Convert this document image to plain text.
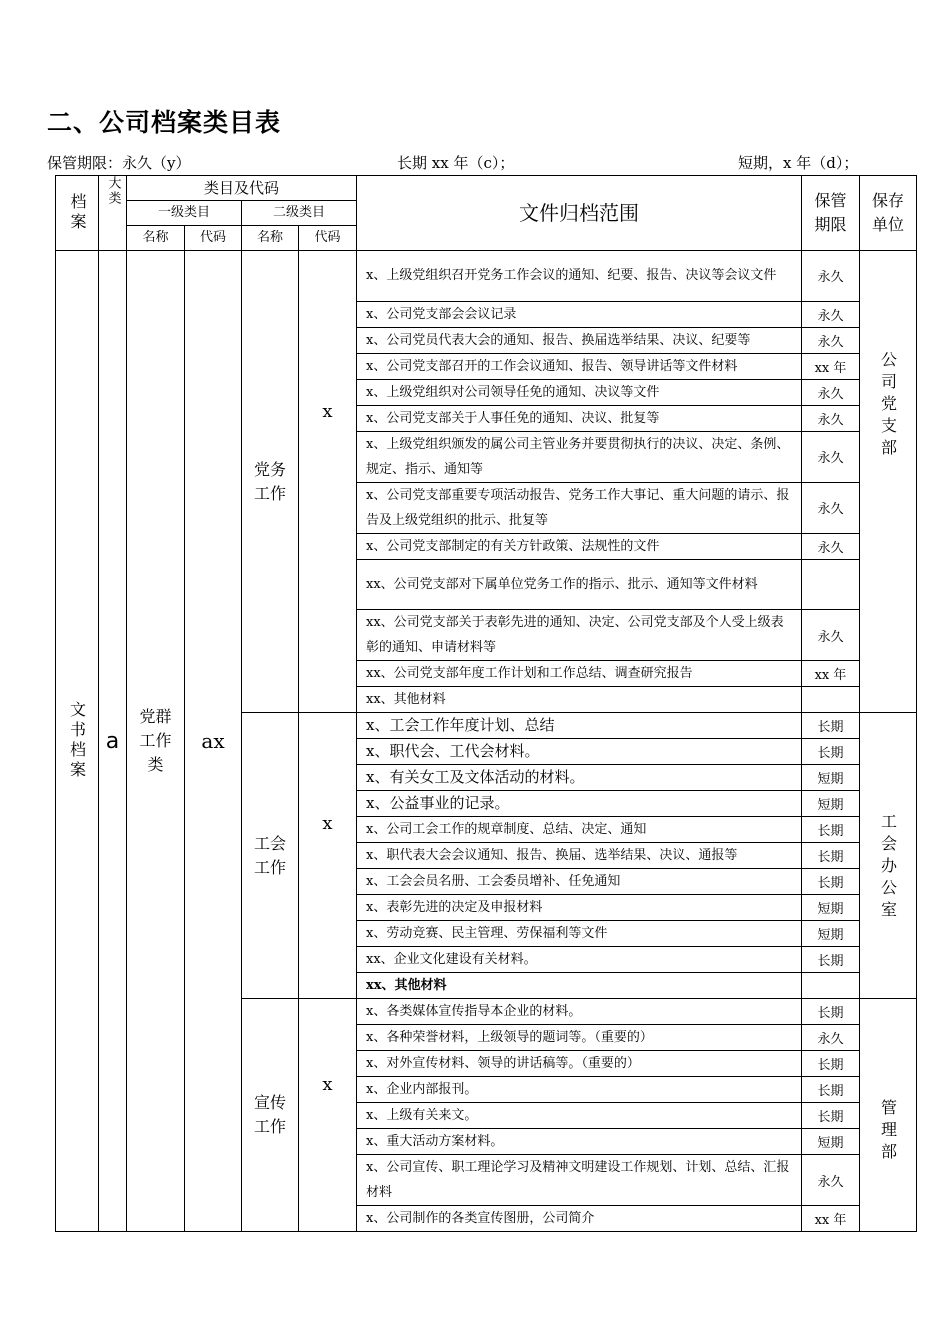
二、公司档案类目表
保管期限：永久（y）	长期 xx 年（c）；	短期，x 年（d）；
档案	大类	类目及代码				文件归档范围	保管期限	保存单位

		一级类目		二级类目				
		名称	代码	名称	代码			

文书档案	a	党群工作类	ax	党务工作	x	x、上级党组织召开党务工作会议的通知、纪要、报告、决议等会议文件	永久	公司党支部

						x、公司党支部会会议记录	永久	
						x、公司党员代表大会的通知、报告、换届选举结果、决议、纪要等	永久	
						x、公司党支部召开的工作会议通知、报告、领导讲话等文件材料	xx 年	
						x、上级党组织对公司领导任免的通知、决议等文件	永久	
						x、公司党支部关于人事任免的通知、决议、批复等	永久	
						x、上级党组织颁发的属公司主管业务并要贯彻执行的决议、决定、条例、规定、指示、通知等	永久	
						x、公司党支部重要专项活动报告、党务工作大事记、重大问题的请示、报告及上级党组织的批示、批复等	永久	
						x、公司党支部制定的有关方针政策、法规性的文件	永久	
						xx、公司党支部对下属单位党务工作的指示、批示、通知等文件材料		
						xx、公司党支部关于表彰先进的通知、决定、公司党支部及个人受上级表彰的通知、申请材料等	永久	
						xx、公司党支部年度工作计划和工作总结、调查研究报告	xx 年	
						xx、其他材料		

				工会工作	x	x、工会工作年度计划、总结	长期	工会办公室

						x、职代会、工代会材料。	长期	
						x、有关女工及文体活动的材料。	短期	
						x、公益事业的记录。	短期	
						x、公司工会工作的规章制度、总结、决定、通知	长期	
						x、职代表大会会议通知、报告、换届、选举结果、决议、通报等	长期	
						x、工会会员名册、工会委员增补、任免通知	长期	
						x、表彰先进的决定及申报材料	短期	
						x、劳动竞赛、民主管理、劳保福利等文件	短期	
						xx、企业文化建设有关材料。	长期	
						xx、其他材料		

				宣传工作	x	x、各类媒体宣传指导本企业的材料。	长期	管理部

						x、各种荣誉材料，上级领导的题词等。（重要的）	永久	
						x、对外宣传材料、领导的讲话稿等。（重要的）	长期	
						x、企业内部报刊。	长期	
						x、上级有关来文。	长期	
						x、重大活动方案材料。	短期	
						x、公司宣传、职工理论学习及精神文明建设工作规划、计划、总结、汇报材料	永久	
						x、公司制作的各类宣传图册，公司简介	xx 年	
